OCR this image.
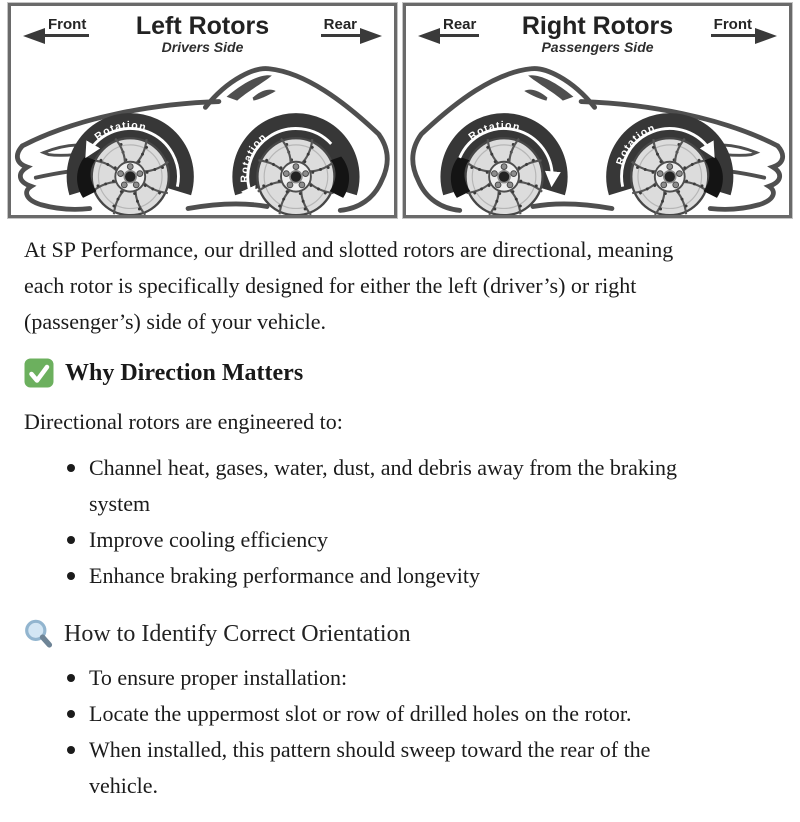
Front	Left Rotors
Drivers Side
Rear
Rotation
Rotation
Rear	Right Rotors
Passengers Side
Front
Rotation
Rotation

At SP Performance, our drilled and slotted rotors are directional, meaning each rotor is specifically designed for either the left (driver’s) or right (passenger’s) side of your vehicle.

Why Direction Matters

Directional rotors are engineered to:

Channel heat, gases, water, dust, and debris away from the braking system
Improve cooling efficiency
Enhance braking performance and longevity
How to Identify Correct Orientation
To ensure proper installation:
Locate the uppermost slot or row of drilled holes on the rotor.
When installed, this pattern should sweep toward the rear of the vehicle.
